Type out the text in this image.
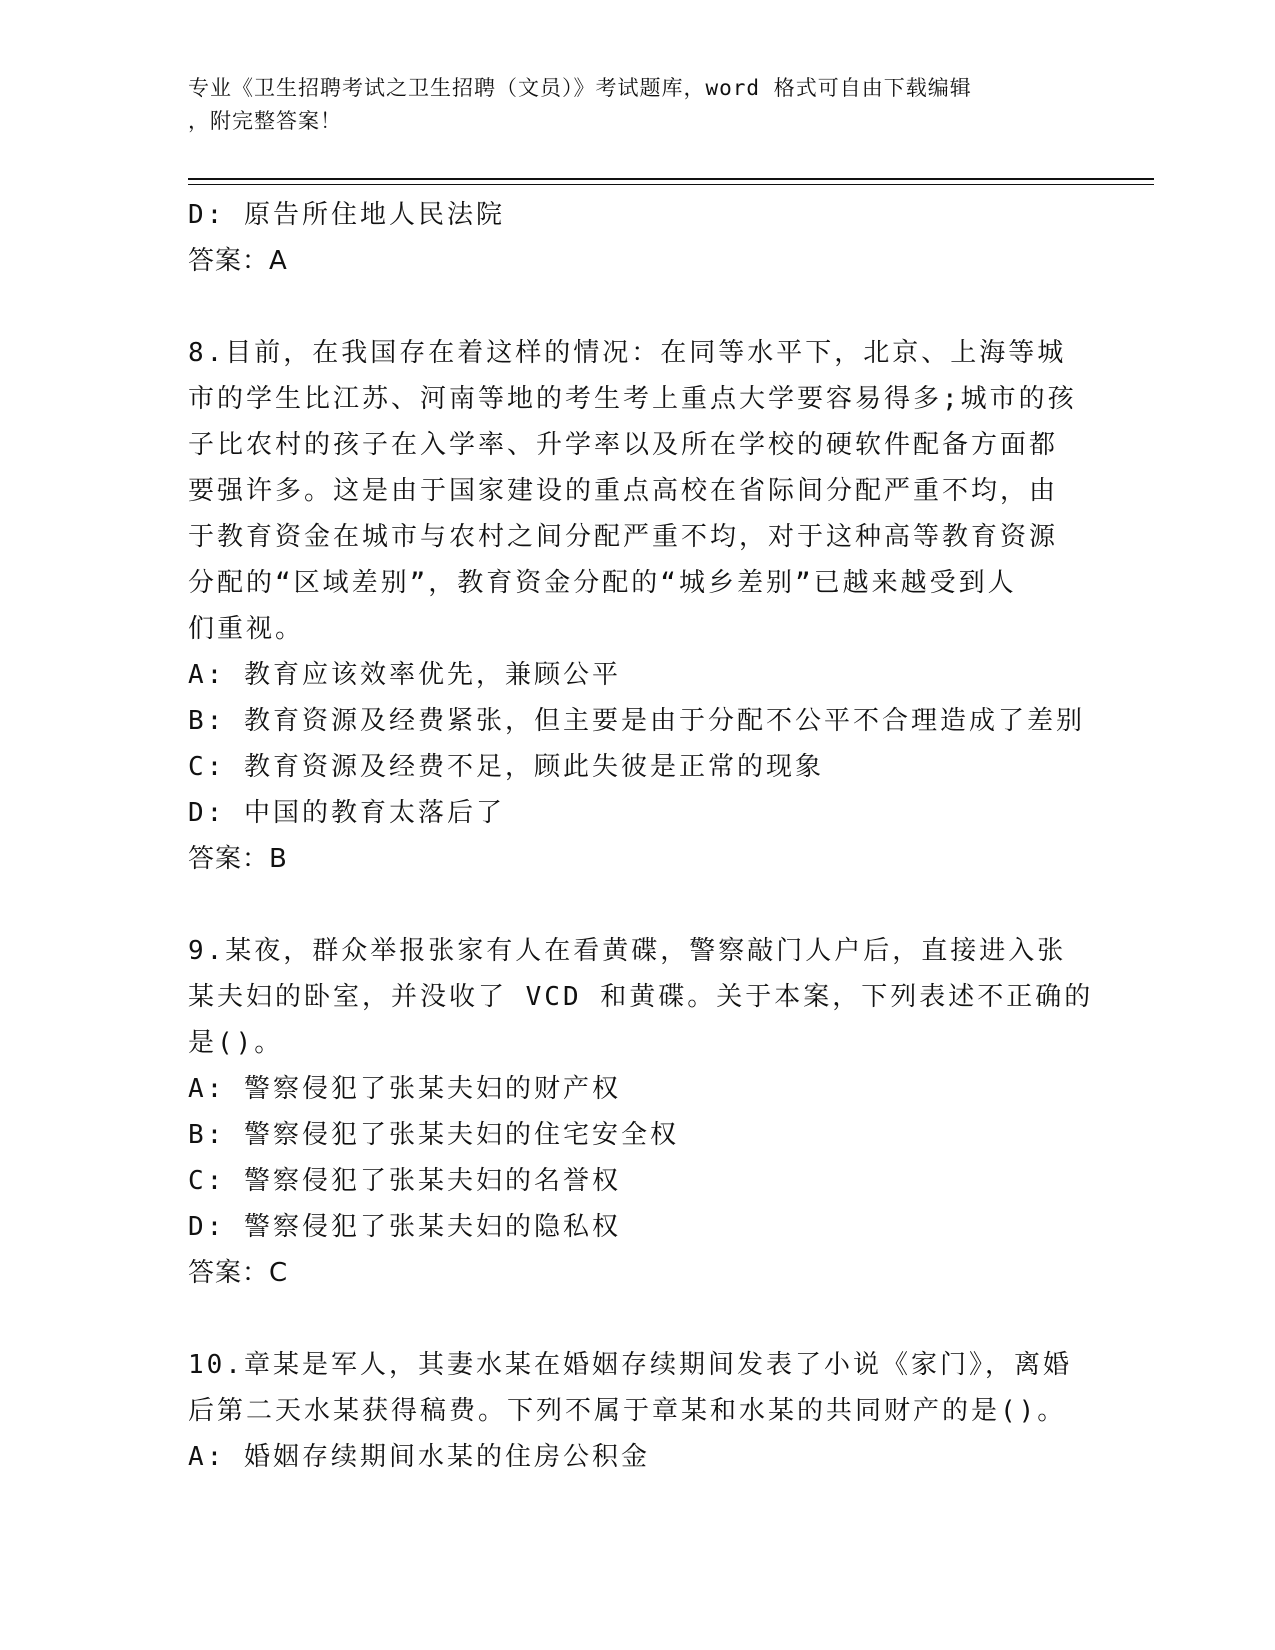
专业《卫生招聘考试之卫生招聘（文员）》考试题库，word 格式可自由下载编辑
，附完整答案！
D: 原告所住地人民法院
答案：A
8.目前，在我国存在着这样的情况：在同等水平下，北京、上海等城
市的学生比江苏、河南等地的考生考上重点大学要容易得多;城市的孩
子比农村的孩子在入学率、升学率以及所在学校的硬软件配备方面都
要强许多。这是由于国家建设的重点高校在省际间分配严重不均，由
于教育资金在城市与农村之间分配严重不均，对于这种高等教育资源
分配的“区域差别”，教育资金分配的“城乡差别”已越来越受到人
们重视。
A: 教育应该效率优先，兼顾公平
B: 教育资源及经费紧张，但主要是由于分配不公平不合理造成了差别
C: 教育资源及经费不足，顾此失彼是正常的现象
D: 中国的教育太落后了
答案：B
9.某夜，群众举报张家有人在看黄碟，警察敲门人户后，直接进入张
某夫妇的卧室，并没收了 VCD 和黄碟。关于本案，下列表述不正确的
是()。
A: 警察侵犯了张某夫妇的财产权
B: 警察侵犯了张某夫妇的住宅安全权
C: 警察侵犯了张某夫妇的名誉权
D: 警察侵犯了张某夫妇的隐私权
答案：C
10.章某是军人，其妻水某在婚姻存续期间发表了小说《家门》，离婚
后第二天水某获得稿费。下列不属于章某和水某的共同财产的是()。
A: 婚姻存续期间水某的住房公积金
